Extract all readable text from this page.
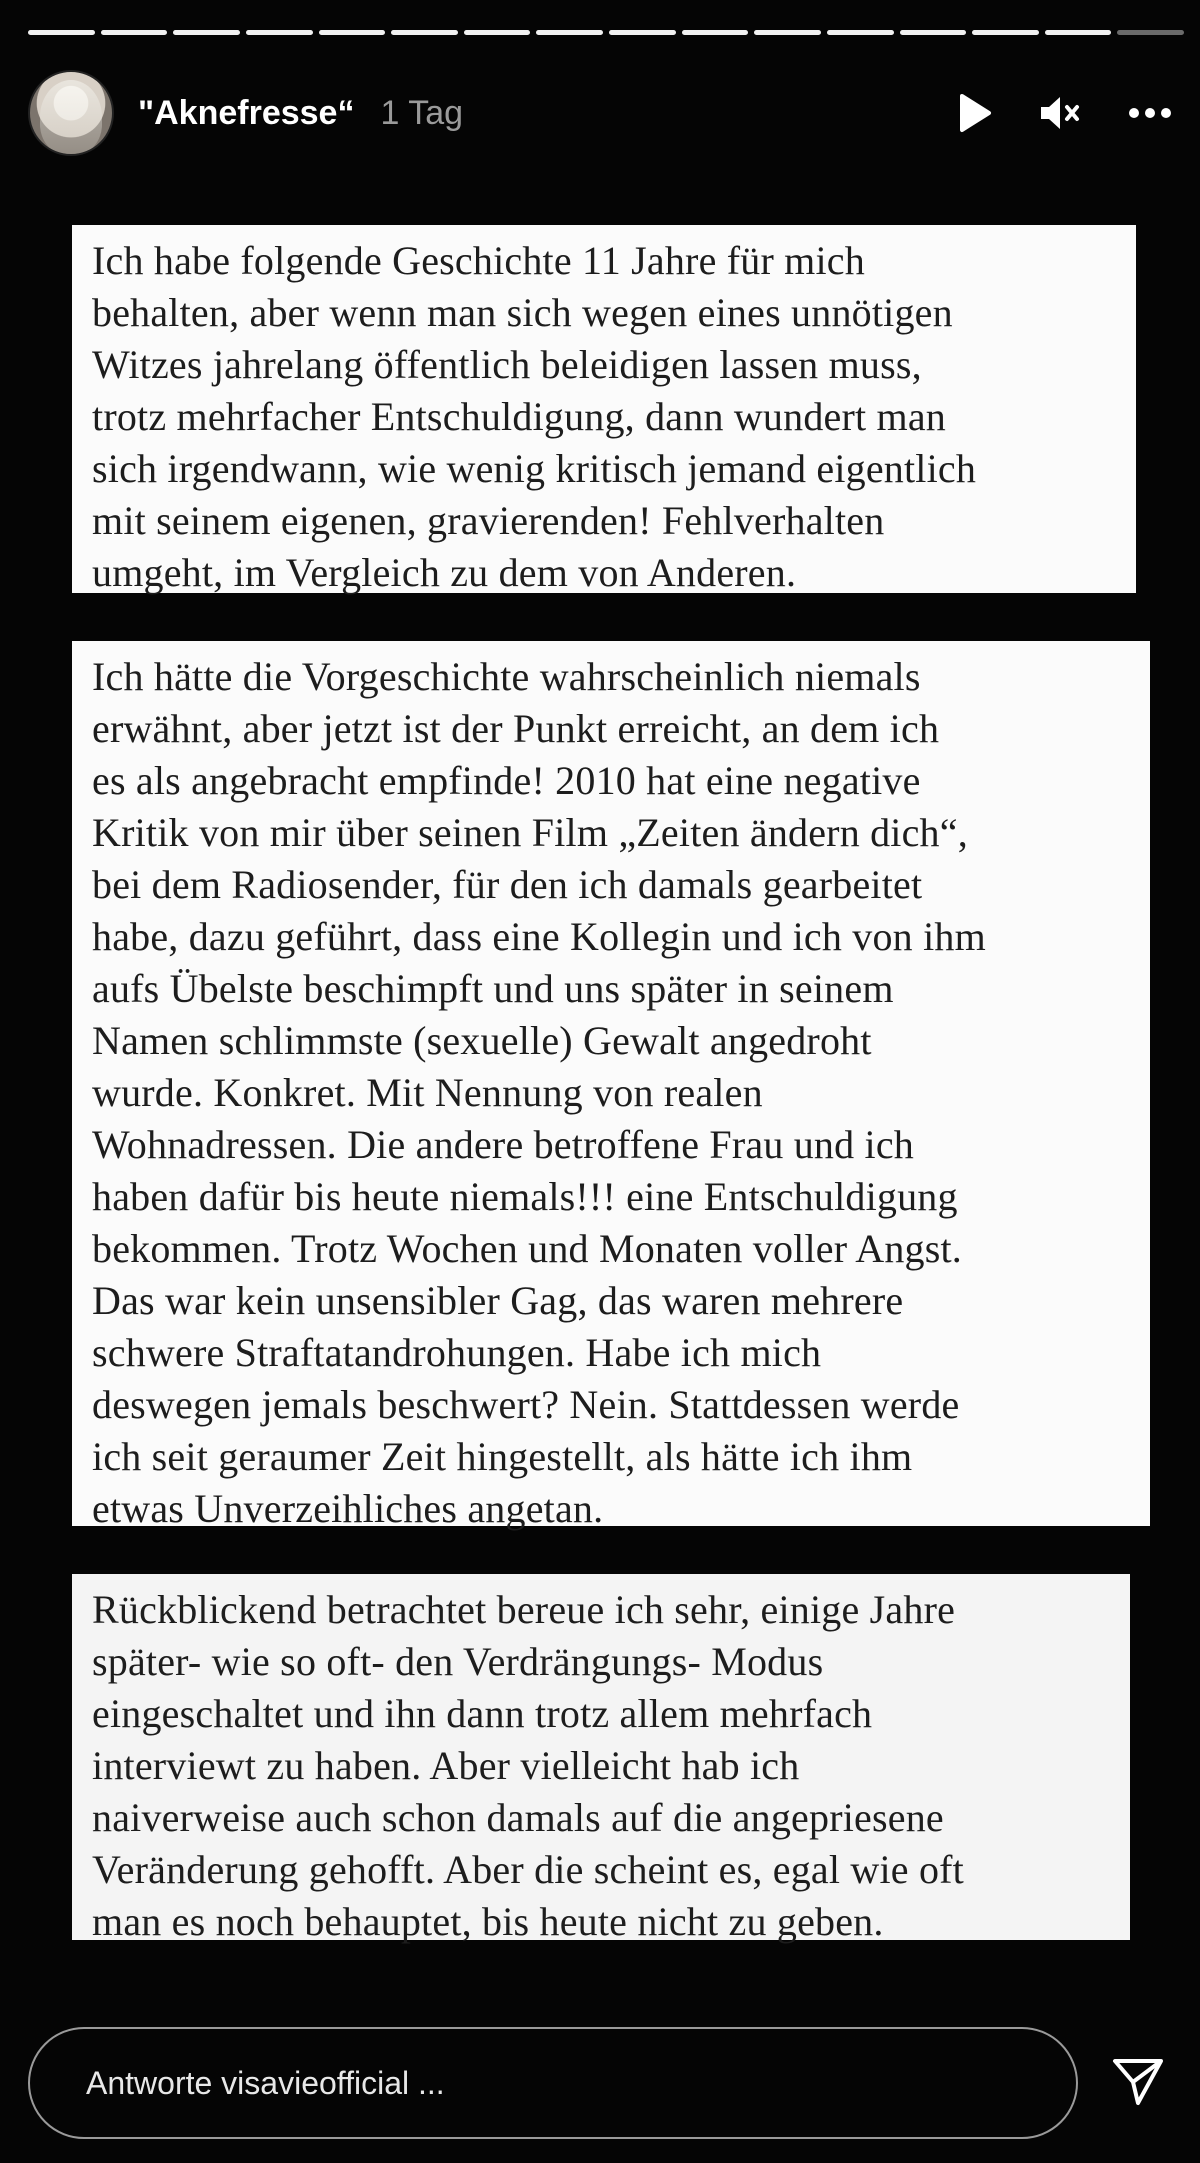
"Aknefresse“ 1 Tag
Ich habe folgende Geschichte 11 Jahre für mich
behalten, aber wenn man sich wegen eines unnötigen
Witzes jahrelang öffentlich beleidigen lassen muss,
trotz mehrfacher Entschuldigung, dann wundert man
sich irgendwann, wie wenig kritisch jemand eigentlich
mit seinem eigenen, gravierenden! Fehlverhalten
umgeht, im Vergleich zu dem von Anderen.
Ich hätte die Vorgeschichte wahrscheinlich niemals
erwähnt, aber jetzt ist der Punkt erreicht, an dem ich
es als angebracht empfinde! 2010 hat eine negative
Kritik von mir über seinen Film „Zeiten ändern dich“,
bei dem Radiosender, für den ich damals gearbeitet
habe, dazu geführt, dass eine Kollegin und ich von ihm
aufs Übelste beschimpft und uns später in seinem
Namen schlimmste (sexuelle) Gewalt angedroht
wurde. Konkret. Mit Nennung von realen
Wohnadressen. Die andere betroffene Frau und ich
haben dafür bis heute niemals!!! eine Entschuldigung
bekommen. Trotz Wochen und Monaten voller Angst.
Das war kein unsensibler Gag, das waren mehrere
schwere Straftatandrohungen. Habe ich mich
deswegen jemals beschwert? Nein. Stattdessen werde
ich seit geraumer Zeit hingestellt, als hätte ich ihm
etwas Unverzeihliches angetan.
Rückblickend betrachtet bereue ich sehr, einige Jahre
später- wie so oft- den Verdrängungs- Modus
eingeschaltet und ihn dann trotz allem mehrfach
interviewt zu haben. Aber vielleicht hab ich
naiverweise auch schon damals auf die angepriesene
Veränderung gehofft. Aber die scheint es, egal wie oft
man es noch behauptet, bis heute nicht zu geben.
Antworte visavieofficial ...
